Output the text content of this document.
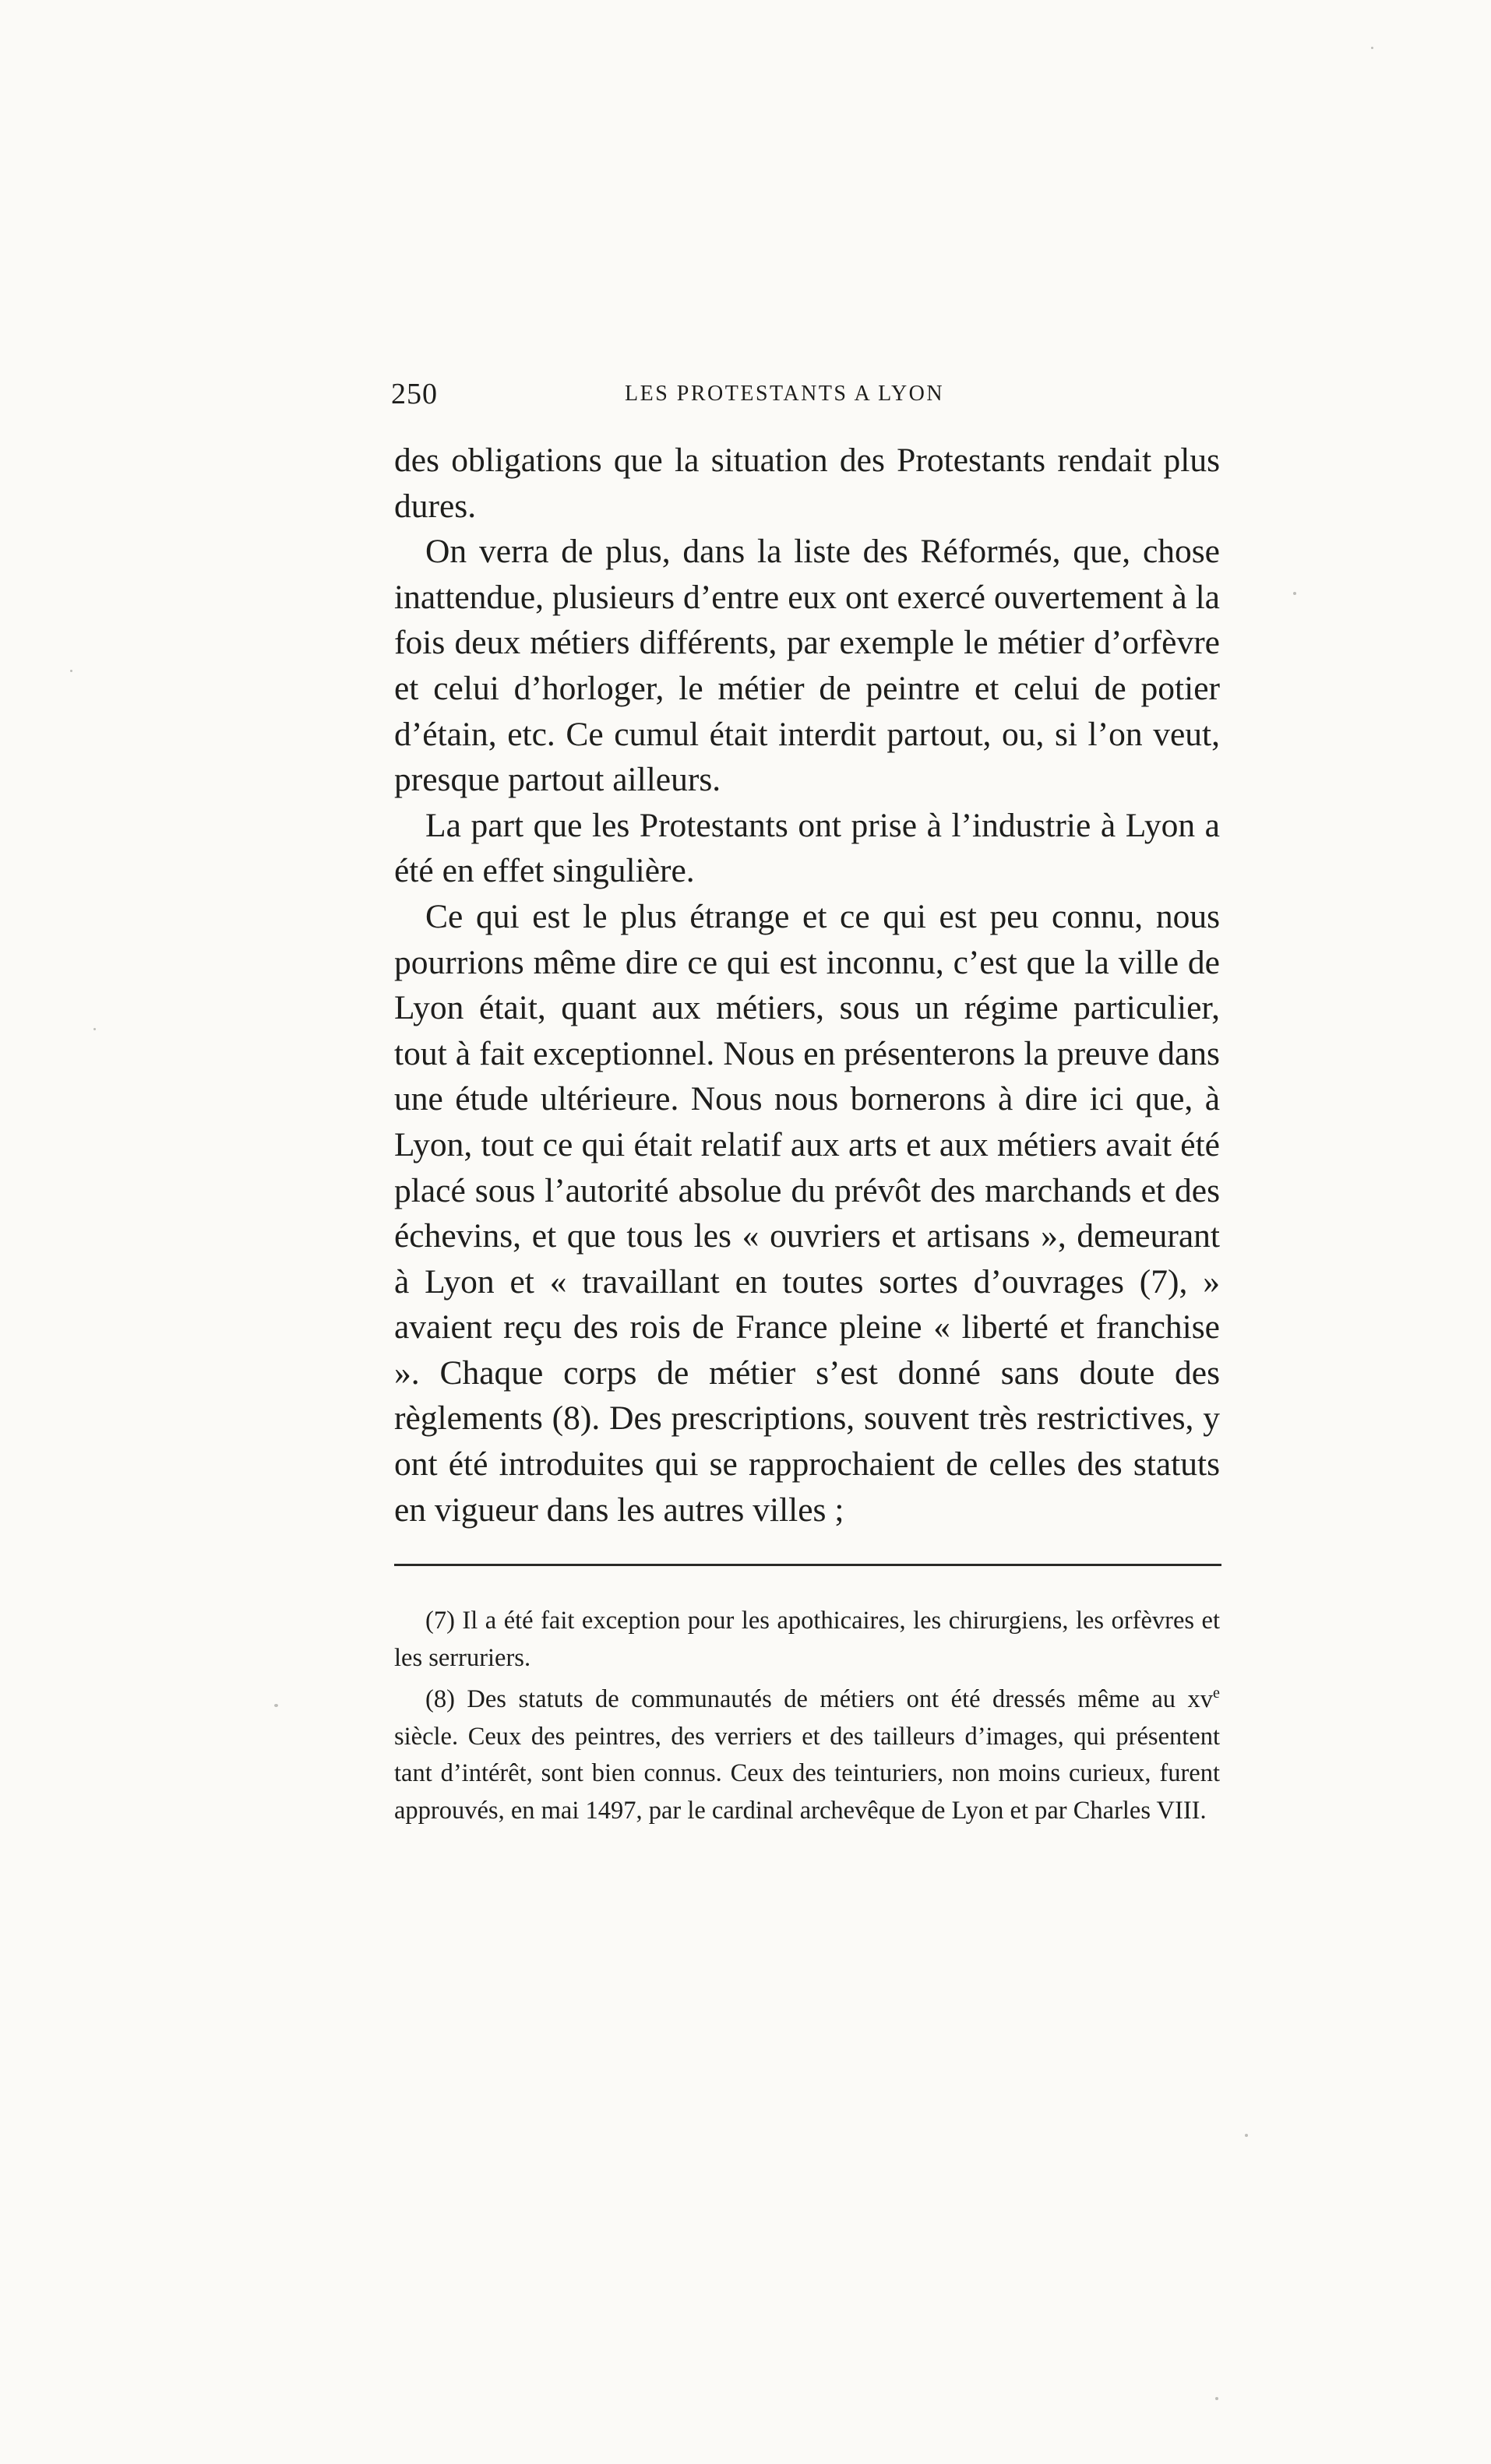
250	LES PROTESTANTS A LYON

des obligations que la situation des Protestants rendait plus dures.

On verra de plus, dans la liste des Réformés, que, chose inattendue, plusieurs d’entre eux ont exercé ouvertement à la fois deux métiers différents, par exemple le métier d’orfèvre et celui d’horloger, le métier de peintre et celui de potier d’étain, etc. Ce cumul était interdit partout, ou, si l’on veut, presque partout ailleurs.

La part que les Protestants ont prise à l’industrie à Lyon a été en effet singulière.

Ce qui est le plus étrange et ce qui est peu connu, nous pourrions même dire ce qui est inconnu, c’est que la ville de Lyon était, quant aux métiers, sous un régime particulier, tout à fait exceptionnel. Nous en présenterons la preuve dans une étude ultérieure. Nous nous bornerons à dire ici que, à Lyon, tout ce qui était relatif aux arts et aux métiers avait été placé sous l’autorité absolue du prévôt des marchands et des échevins, et que tous les « ouvriers et artisans », demeurant à Lyon et « travaillant en toutes sortes d’ouvrages (7), » avaient reçu des rois de France pleine « liberté et franchise ». Chaque corps de métier s’est donné sans doute des règlements (8). Des prescriptions, souvent très restrictives, y ont été introduites qui se rapprochaient de celles des statuts en vigueur dans les autres villes ;

(7) Il a été fait exception pour les apothicaires, les chirurgiens, les orfèvres et les serruriers.

(8) Des statuts de communautés de métiers ont été dressés même au $xv^e$ siècle. Ceux des peintres, des verriers et des tailleurs d’images, qui présentent tant d’intérêt, sont bien connus. Ceux des teinturiers, non moins curieux, furent approuvés, en mai 1497, par le cardinal archevêque de Lyon et par Charles VIII.
